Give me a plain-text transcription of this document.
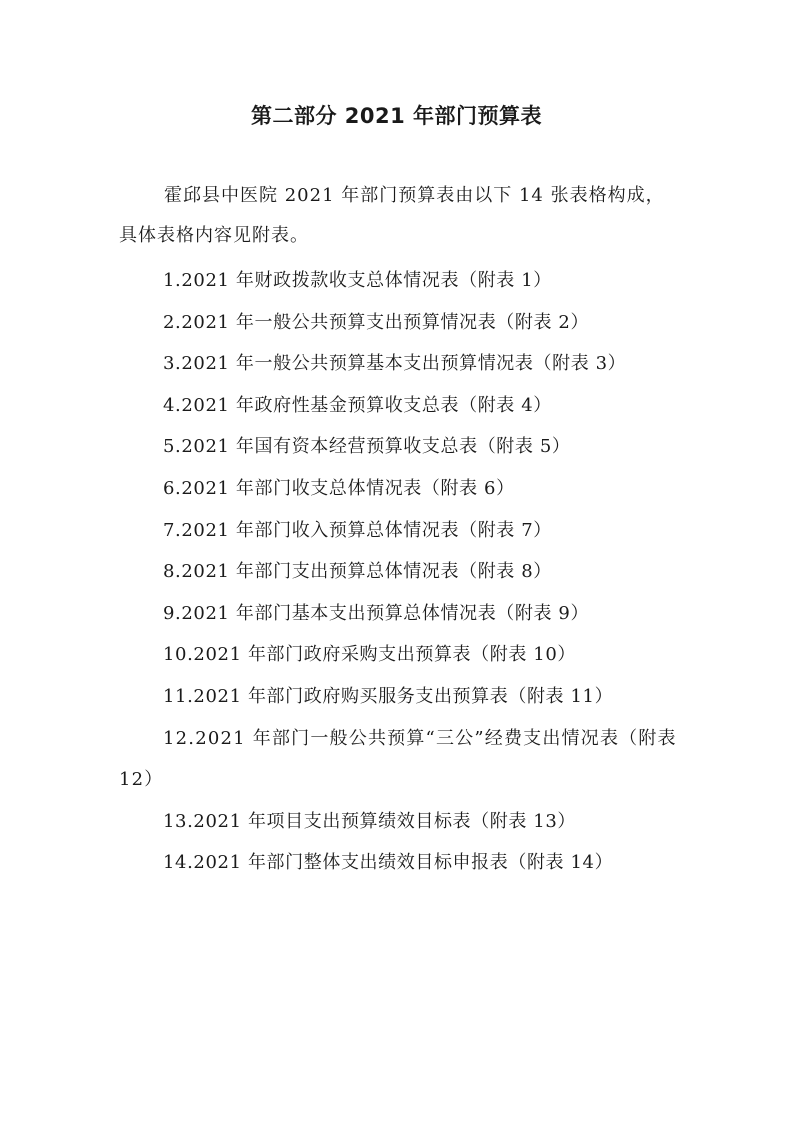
第二部分 2021 年部门预算表

霍邱县中医院 2021 年部门预算表由以下 14 张表格构成，具体表格内容见附表。

1.2021 年财政拨款收支总体情况表（附表 1）
2.2021 年一般公共预算支出预算情况表（附表 2）
3.2021 年一般公共预算基本支出预算情况表（附表 3）
4.2021 年政府性基金预算收支总表（附表 4）
5.2021 年国有资本经营预算收支总表（附表 5）
6.2021 年部门收支总体情况表（附表 6）
7.2021 年部门收入预算总体情况表（附表 7）
8.2021 年部门支出预算总体情况表（附表 8）
9.2021 年部门基本支出预算总体情况表（附表 9）
10.2021 年部门政府采购支出预算表（附表 10）
11.2021 年部门政府购买服务支出预算表（附表 11）
12.2021 年部门一般公共预算“三公”经费支出情况表（附表 12）
13.2021 年项目支出预算绩效目标表（附表 13）
14.2021 年部门整体支出绩效目标申报表（附表 14）
